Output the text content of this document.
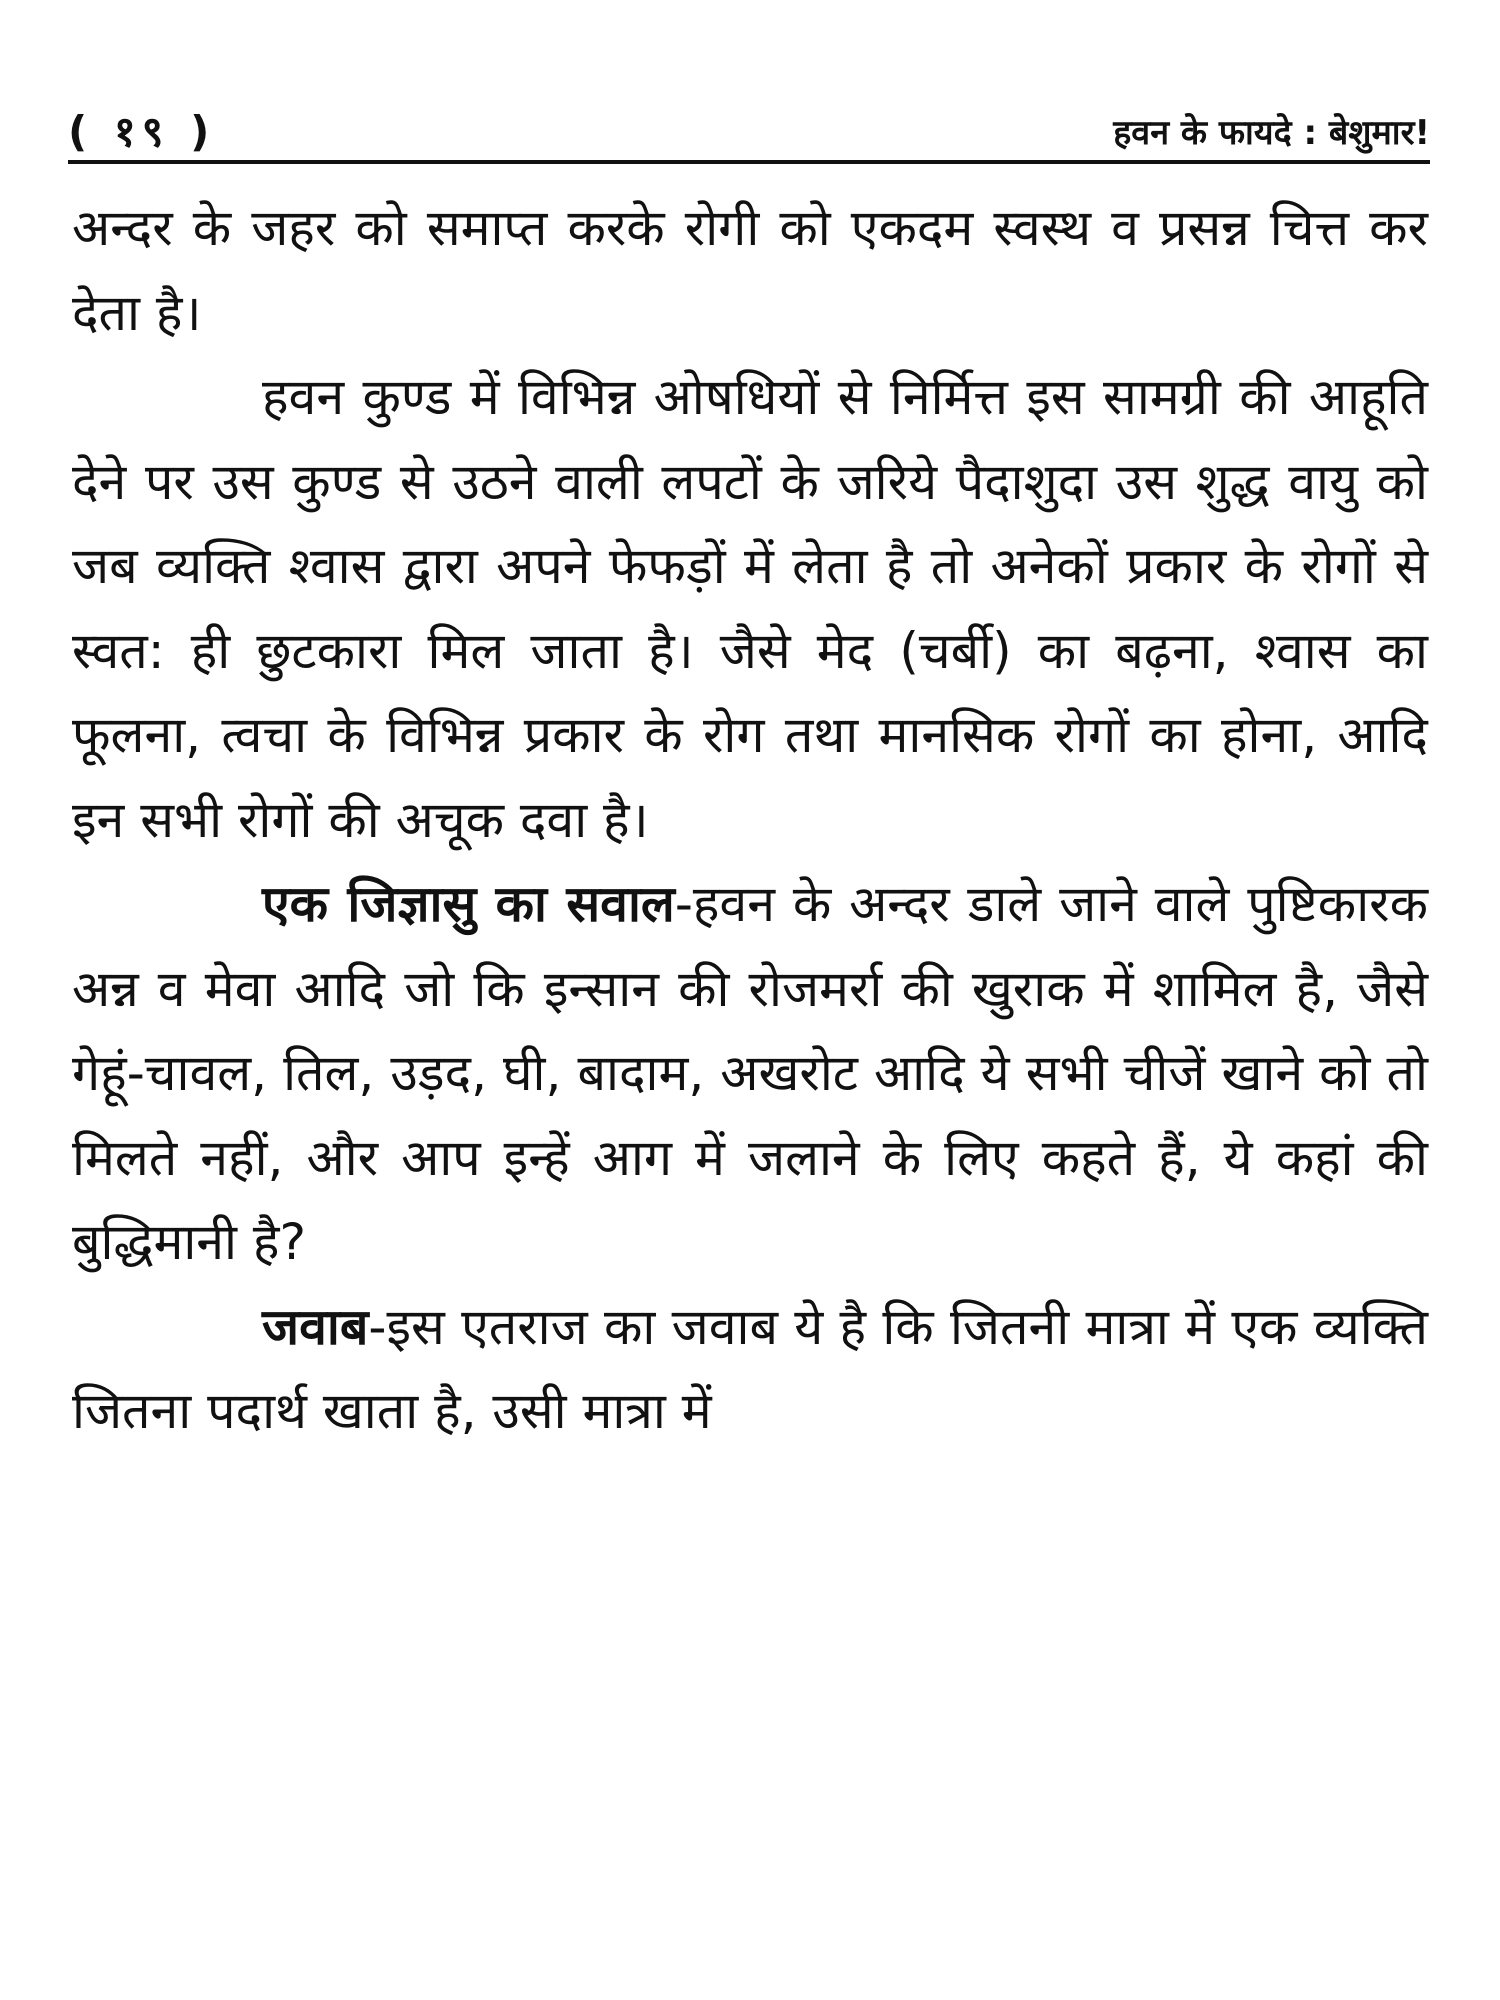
( १९ )	हवन के फायदे : बेशुमार!

अन्दर के जहर को समाप्त करके रोगी को एकदम स्वस्थ व प्रसन्न चित्त कर देता है।

हवन कुण्ड में विभिन्न ओषधियों से निर्मित्त इस सामग्री की आहूति देने पर उस कुण्ड से उठने वाली लपटों के जरिये पैदाशुदा उस शुद्ध वायु को जब व्यक्ति श्वास द्वारा अपने फेफड़ों में लेता है तो अनेकों प्रकार के रोगों से स्वत: ही छुटकारा मिल जाता है। जैसे मेद (चर्बी) का बढ़ना, श्वास का फूलना, त्वचा के विभिन्न प्रकार के रोग तथा मानसिक रोगों का होना, आदि इन सभी रोगों की अचूक दवा है।

एक जिज्ञासु का सवाल-हवन के अन्दर डाले जाने वाले पुष्टिकारक अन्न व मेवा आदि जो कि इन्सान की रोजमर्रा की खुराक में शामिल है, जैसे गेहूं-चावल, तिल, उड़द, घी, बादाम, अखरोट आदि ये सभी चीजें खाने को तो मिलते नहीं, और आप इन्हें आग में जलाने के लिए कहते हैं, ये कहां की बुद्धिमानी है?

जवाब-इस एतराज का जवाब ये है कि जितनी मात्रा में एक व्यक्ति जितना पदार्थ खाता है, उसी मात्रा में
